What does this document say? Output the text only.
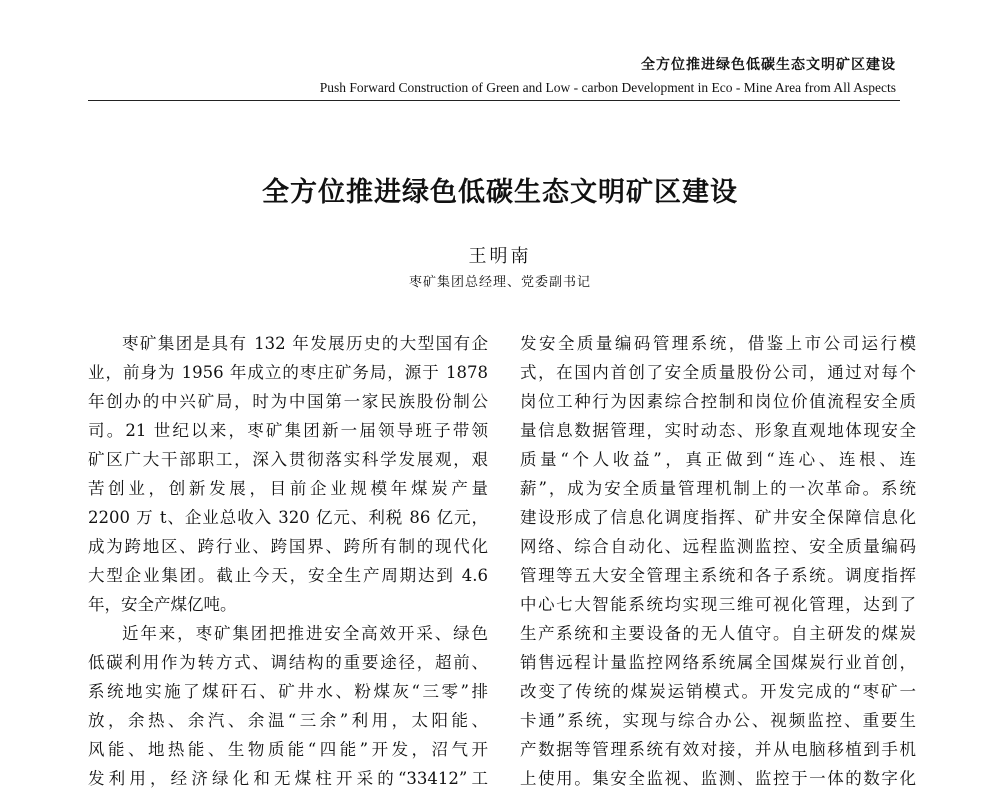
全方位推进绿色低碳生态文明矿区建设
Push Forward Construction of Green and Low - carbon Development in Eco - Mine Area from All Aspects
全方位推进绿色低碳生态文明矿区建设
王明南
枣矿集团总经理、党委副书记
枣矿集团是具有 132 年发展历史的大型国有企
业，前身为 1956 年成立的枣庄矿务局，源于 1878
年创办的中兴矿局，时为中国第一家民族股份制公
司。21 世纪以来，枣矿集团新一届领导班子带领
矿区广大干部职工，深入贯彻落实科学发展观，艰
苦创业，创新发展，目前企业规模年煤炭产量
2200 万 t、企业总收入 320 亿元、利税 86 亿元，
成为跨地区、跨行业、跨国界、跨所有制的现代化
大型企业集团。截止今天，安全生产周期达到 4.6
年，安全产煤亿吨。
近年来，枣矿集团把推进安全高效开采、绿色
低碳利用作为转方式、调结构的重要途径，超前、
系统地实施了煤矸石、矿井水、粉煤灰“三零”排
放，余热、余汽、余温“三余”利用，太阳能、
风能、地热能、生物质能“四能”开发，沼气开
发利用，经济绿化和无煤柱开采的“33412”工
发安全质量编码管理系统，借鉴上市公司运行模
式，在国内首创了安全质量股份公司，通过对每个
岗位工种行为因素综合控制和岗位价值流程安全质
量信息数据管理，实时动态、形象直观地体现安全
质量“个人收益”，真正做到“连心、连根、连
薪”，成为安全质量管理机制上的一次革命。系统
建设形成了信息化调度指挥、矿井安全保障信息化
网络、综合自动化、远程监测监控、安全质量编码
管理等五大安全管理主系统和各子系统。调度指挥
中心七大智能系统均实现三维可视化管理，达到了
生产系统和主要设备的无人值守。自主研发的煤炭
销售远程计量监控网络系统属全国煤炭行业首创，
改变了传统的煤炭运销模式。开发完成的“枣矿一
卡通”系统，实现与综合办公、视频监控、重要生
产数据等管理系统有效对接，并从电脑移植到手机
上使用。集安全监视、监测、监控于一体的数字化
